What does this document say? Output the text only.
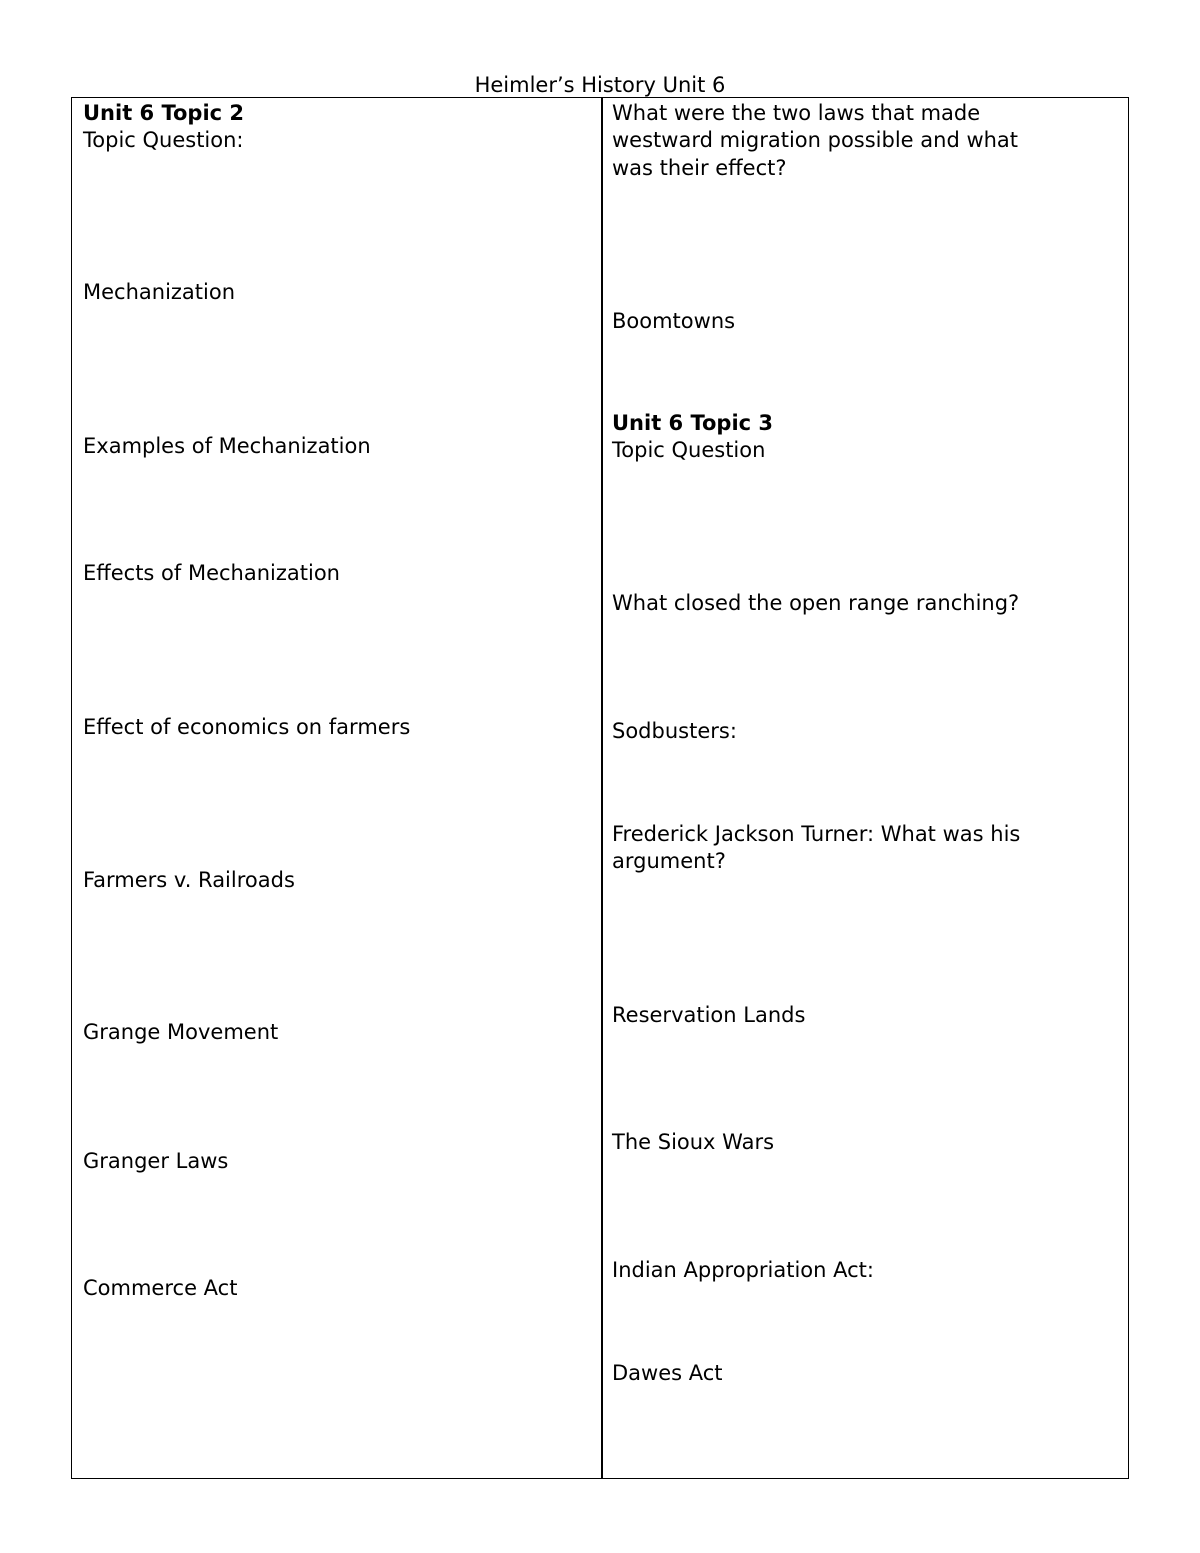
Heimler’s History Unit 6
Unit 6 Topic 2
Topic Question:
Mechanization
Examples of Mechanization
Effects of Mechanization
Effect of economics on farmers
Farmers v. Railroads
Grange Movement
Granger Laws
Commerce Act
What were the two laws that made
westward migration possible and what
was their effect?
Boomtowns
Unit 6 Topic 3
Topic Question
What closed the open range ranching?
Sodbusters:
Frederick Jackson Turner: What was his
argument?
Reservation Lands
The Sioux Wars
Indian Appropriation Act:
Dawes Act
